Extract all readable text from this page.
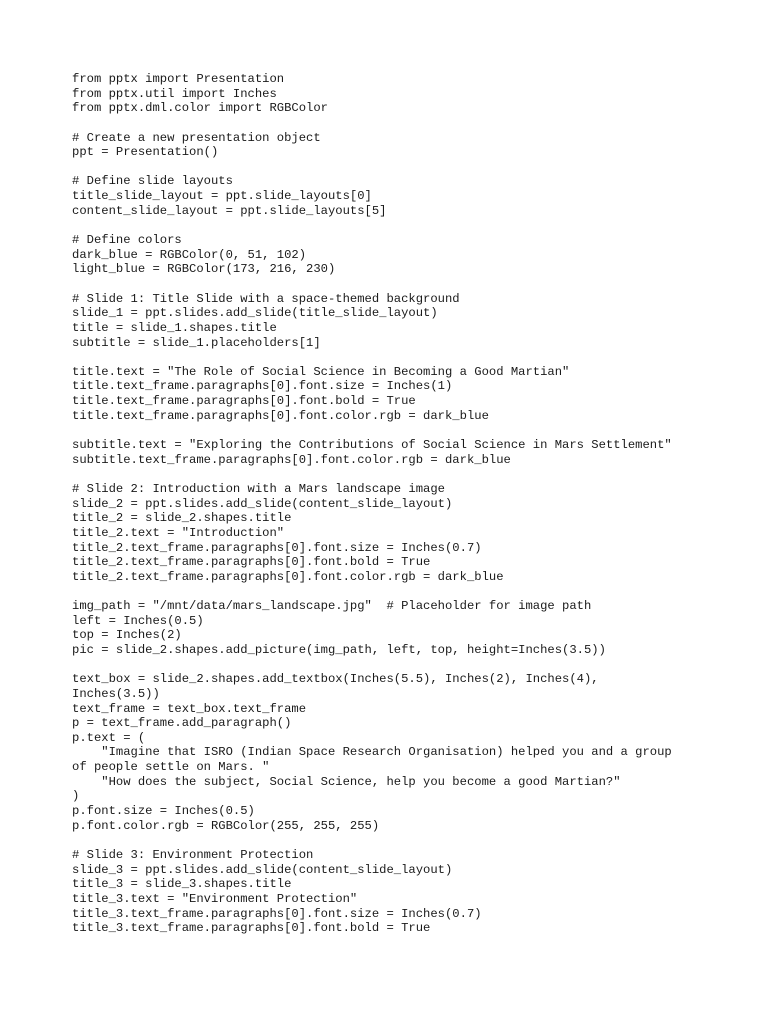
from pptx import Presentation
from pptx.util import Inches
from pptx.dml.color import RGBColor
# Create a new presentation object
ppt = Presentation()
# Define slide layouts
title_slide_layout = ppt.slide_layouts[0]
content_slide_layout = ppt.slide_layouts[5]
# Define colors
dark_blue = RGBColor(0, 51, 102)
light_blue = RGBColor(173, 216, 230)
# Slide 1: Title Slide with a space-themed background
slide_1 = ppt.slides.add_slide(title_slide_layout)
title = slide_1.shapes.title
subtitle = slide_1.placeholders[1]
title.text = "The Role of Social Science in Becoming a Good Martian"
title.text_frame.paragraphs[0].font.size = Inches(1)
title.text_frame.paragraphs[0].font.bold = True
title.text_frame.paragraphs[0].font.color.rgb = dark_blue
subtitle.text = "Exploring the Contributions of Social Science in Mars Settlement"
subtitle.text_frame.paragraphs[0].font.color.rgb = dark_blue
# Slide 2: Introduction with a Mars landscape image
slide_2 = ppt.slides.add_slide(content_slide_layout)
title_2 = slide_2.shapes.title
title_2.text = "Introduction"
title_2.text_frame.paragraphs[0].font.size = Inches(0.7)
title_2.text_frame.paragraphs[0].font.bold = True
title_2.text_frame.paragraphs[0].font.color.rgb = dark_blue
img_path = "/mnt/data/mars_landscape.jpg"  # Placeholder for image path
left = Inches(0.5)
top = Inches(2)
pic = slide_2.shapes.add_picture(img_path, left, top, height=Inches(3.5))
text_box = slide_2.shapes.add_textbox(Inches(5.5), Inches(2), Inches(4),
Inches(3.5))
text_frame = text_box.text_frame
p = text_frame.add_paragraph()
p.text = (
"Imagine that ISRO (Indian Space Research Organisation) helped you and a group
of people settle on Mars. "
"How does the subject, Social Science, help you become a good Martian?"
)
p.font.size = Inches(0.5)
p.font.color.rgb = RGBColor(255, 255, 255)
# Slide 3: Environment Protection
slide_3 = ppt.slides.add_slide(content_slide_layout)
title_3 = slide_3.shapes.title
title_3.text = "Environment Protection"
title_3.text_frame.paragraphs[0].font.size = Inches(0.7)
title_3.text_frame.paragraphs[0].font.bold = True
